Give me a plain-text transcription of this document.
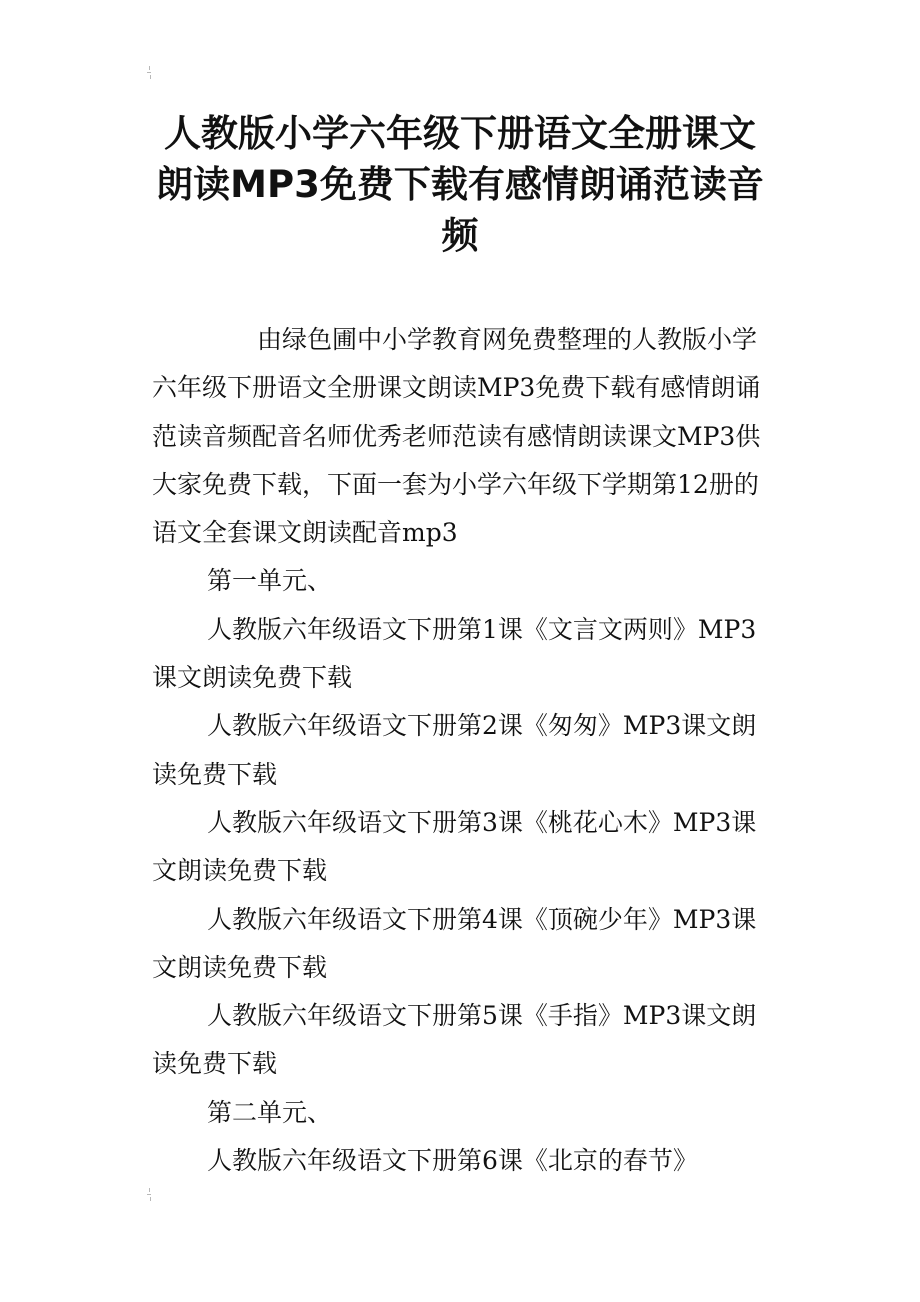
人教版小学六年级下册语文全册课文朗读MP3免费下载有感情朗诵范读音频

由绿色圃中小学教育网免费整理的人教版小学六年级下册语文全册课文朗读MP3免费下载有感情朗诵范读音频配音名师优秀老师范读有感情朗读课文MP3供大家免费下载，下面一套为小学六年级下学期第12册的语文全套课文朗读配音mp3

第一单元、

人教版六年级语文下册第1课《文言文两则》MP3课文朗读免费下载

人教版六年级语文下册第2课《匆匆》MP3课文朗读免费下载

人教版六年级语文下册第3课《桃花心木》MP3课文朗读免费下载

人教版六年级语文下册第4课《顶碗少年》MP3课文朗读免费下载

人教版六年级语文下册第5课《手指》MP3课文朗读免费下载

第二单元、

人教版六年级语文下册第6课《北京的春节》
